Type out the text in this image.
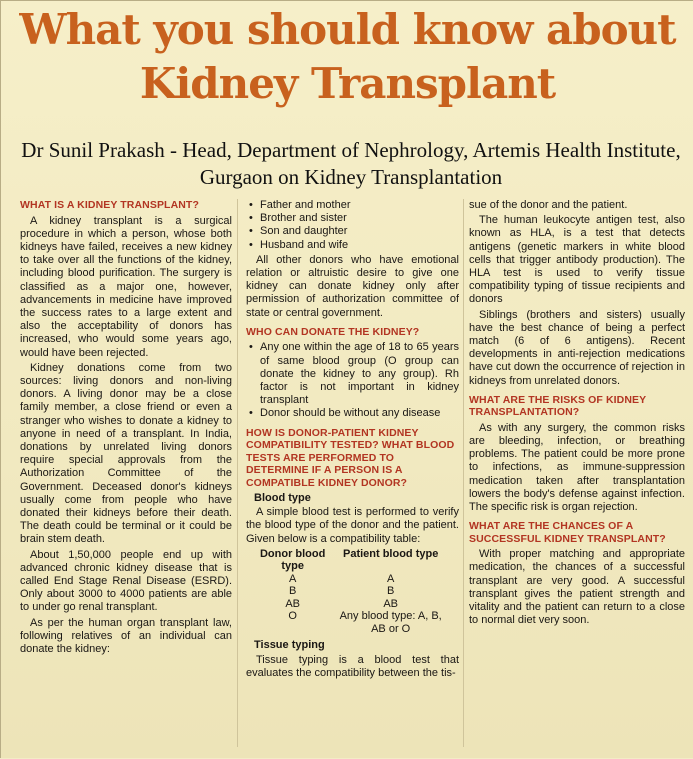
What you should know about
Kidney Transplant
Dr Sunil Prakash - Head, Department of Nephrology, Artemis Health Institute, Gurgaon on Kidney Transplantation
WHAT IS A KIDNEY TRANSPLANT?

A kidney transplant is a surgical procedure in which a person, whose both kidneys have failed, receives a new kidney to take over all the functions of the kidney, including blood purification. The surgery is classified as a major one, however, advancements in medicine have improved the success rates to a large extent and also the acceptability of donors has increased, who would some years ago, would have been rejected.

Kidney donations come from two sources: living donors and non-living donors. A living donor may be a close family member, a close friend or even a stranger who wishes to donate a kidney to anyone in need of a transplant. In India, donations by unrelated living donors require special approvals from the Authorization Committee of the Government. Deceased donor's kidneys usually come from people who have donated their kidneys before their death. The death could be terminal or it could be brain stem death.

About 1,50,000 people end up with advanced chronic kidney disease that is called End Stage Renal Disease (ESRD). Only about 3000 to 4000 patients are able to under go renal transplant.

As per the human organ transplant law, following relatives of an individual can donate the kidney:

• Father and mother
• Brother and sister
• Son and daughter
• Husband and wife

All other donors who have emotional relation or altruistic desire to give one kidney can donate kidney only after permission of authorization committee of state or central government.

WHO CAN DONATE THE KIDNEY?
• Any one within the age of 18 to 65 years of same blood group (O group can donate the kidney to any group). Rh factor is not important in kidney transplant
• Donor should be without any disease
HOW IS DONOR-PATIENT KIDNEY COMPATIBILITY TESTED? WHAT BLOOD TESTS ARE PERFORMED TO DETERMINE IF A PERSON IS A COMPATIBLE KIDNEY DONOR?
Blood type

A simple blood test is performed to verify the blood type of the donor and the patient. Given below is a compatibility table:

Donor blood type	Patient blood type
A	A
B	B
AB	AB
O	Any blood type: A, B, AB or O
Tissue typing

Tissue typing is a blood test that evaluates the compatibility between the tis-

sue of the donor and the patient.

The human leukocyte antigen test, also known as HLA, is a test that detects antigens (genetic markers in white blood cells that trigger antibody production). The HLA test is used to verify tissue compatibility typing of tissue recipients and donors

Siblings (brothers and sisters) usually have the best chance of being a perfect match (6 of 6 antigens). Recent developments in anti-rejection medications have cut down the occurrence of rejection in kidneys from unrelated donors.

WHAT ARE THE RISKS OF KIDNEY TRANSPLANTATION?

As with any surgery, the common risks are bleeding, infection, or breathing problems. The patient could be more prone to infections, as immune-suppression medication taken after transplantation lowers the body's defense against infection. The specific risk is organ rejection.

WHAT ARE THE CHANCES OF A SUCCESSFUL KIDNEY TRANSPLANT?

With proper matching and appropriate medication, the chances of a successful transplant are very good. A successful transplant gives the patient strength and vitality and the patient can return to a close to normal diet very soon.
